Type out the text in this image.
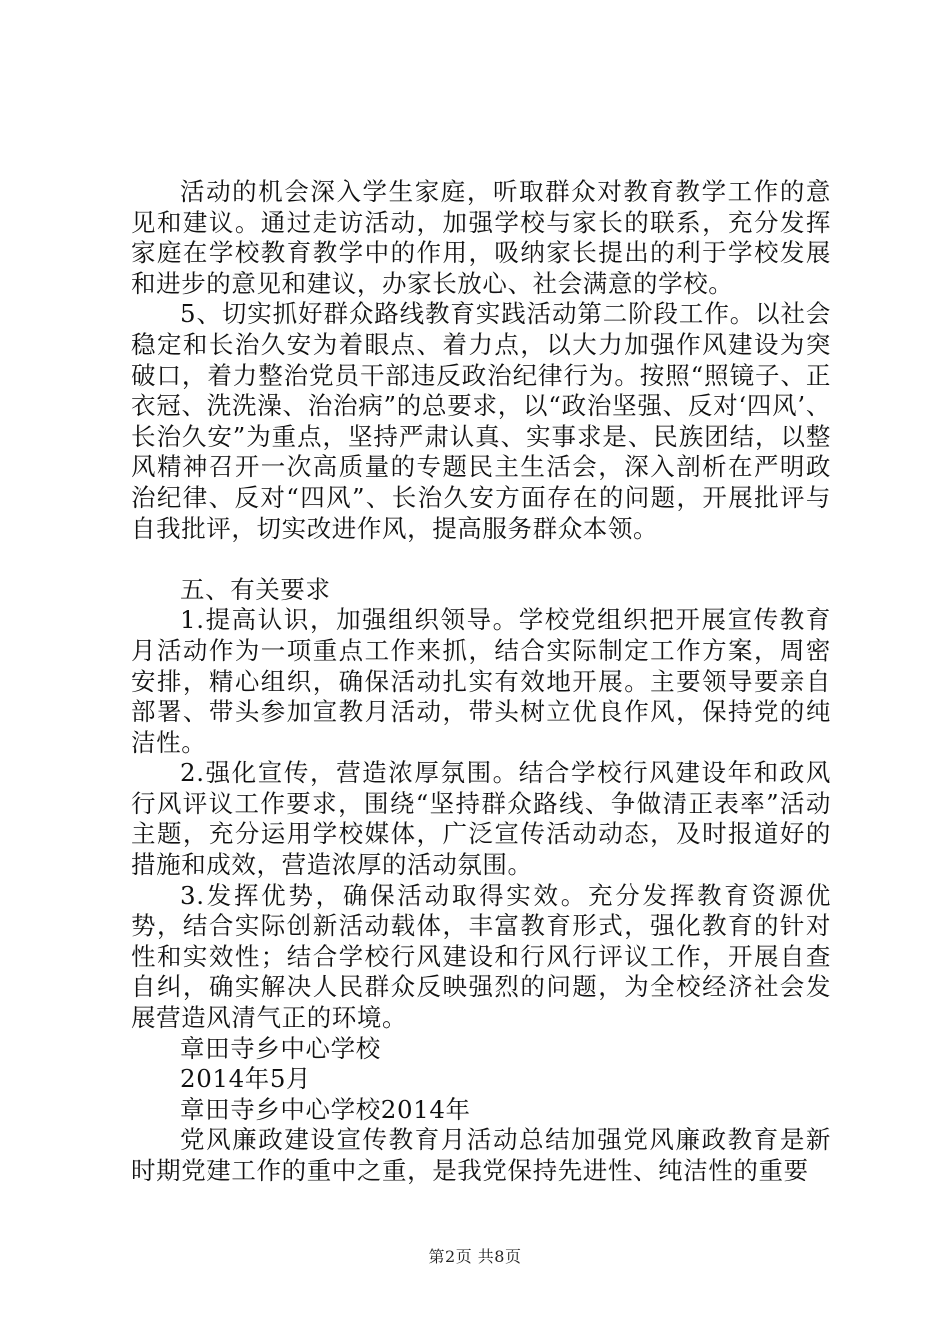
活动的机会深入学生家庭，听取群众对教育教学工作的意见和建议。通过走访活动，加强学校与家长的联系，充分发挥家庭在学校教育教学中的作用，吸纳家长提出的利于学校发展和进步的意见和建议，办家长放心、社会满意的学校。

5、切实抓好群众路线教育实践活动第二阶段工作。以社会稳定和长治久安为着眼点、着力点，以大力加强作风建设为突破口，着力整治党员干部违反政治纪律行为。按照“照镜子、正衣冠、洗洗澡、治治病”的总要求，以“政治坚强、反对‘四风’、长治久安”为重点，坚持严肃认真、实事求是、民族团结，以整风精神召开一次高质量的专题民主生活会，深入剖析在严明政治纪律、反对“四风”、长治久安方面存在的问题，开展批评与自我批评，切实改进作风，提高服务群众本领。

五、有关要求

1.提高认识，加强组织领导。学校党组织把开展宣传教育月活动作为一项重点工作来抓，结合实际制定工作方案，周密安排，精心组织，确保活动扎实有效地开展。主要领导要亲自部署、带头参加宣教月活动，带头树立优良作风，保持党的纯洁性。

2.强化宣传，营造浓厚氛围。结合学校行风建设年和政风行风评议工作要求，围绕“坚持群众路线、争做清正表率”活动主题，充分运用学校媒体，广泛宣传活动动态，及时报道好的措施和成效，营造浓厚的活动氛围。

3.发挥优势，确保活动取得实效。充分发挥教育资源优势，结合实际创新活动载体，丰富教育形式，强化教育的针对性和实效性；结合学校行风建设和行风行评议工作，开展自查自纠，确实解决人民群众反映强烈的问题，为全校经济社会发展营造风清气正的环境。

章田寺乡中心学校

2014年5月

章田寺乡中心学校2014年

党风廉政建设宣传教育月活动总结加强党风廉政教育是新时期党建工作的重中之重，是我党保持先进性、纯洁性的重要

第2页 共8页
